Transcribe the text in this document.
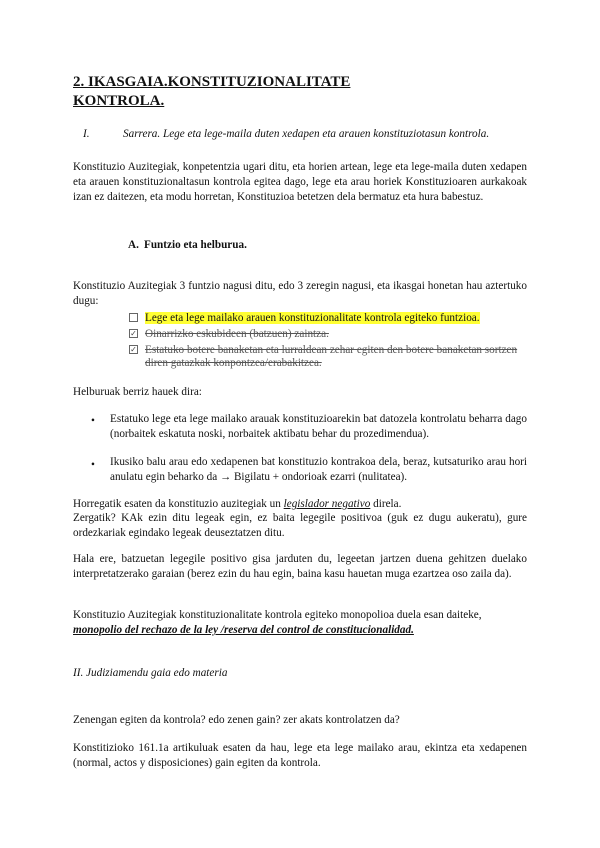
2. IKASGAIA.KONSTITUZIONALITATE
KONTROLA.
I.	Sarrera. Lege eta lege-maila duten xedapen eta arauen konstituziotasun kontrola.
Konstituzio Auzitegiak, konpetentzia ugari ditu, eta horien artean, lege eta lege-maila duten xedapen eta arauen konstituzionaltasun kontrola egitea dago, lege eta arau horiek Konstituzioaren aurkakoak izan ez daitezen, eta modu horretan, Konstituzioa betetzen dela bermatuz eta hura babestuz.
A. Funtzio eta helburua.
Konstituzio Auzitegiak 3 funtzio nagusi ditu, edo 3 zeregin nagusi, eta ikasgai honetan hau aztertuko dugu:
Lege eta lege mailako arauen konstituzionalitate kontrola egiteko funtzioa.
✓ Oinarrizko eskubideen (batzuen) zaintza.
✓ Estatuko botere banaketan eta lurraldean zehar egiten den botere banaketan sortzen diren gatazkak konpontzea/erabakitzea.
Helburuak berriz hauek dira:
• Estatuko lege eta lege mailako arauak konstituzioarekin bat datozela kontrolatu beharra dago (norbaitek eskatuta noski, norbaitek aktibatu behar du prozedimendua).
• Ikusiko balu arau edo xedapenen bat konstituzio kontrakoa dela, beraz, kutsaturiko arau hori anulatu egin beharko da → Bigilatu + ondorioak ezarri (nulitatea).
Horregatik esaten da konstituzio auzitegiak un legislador negativo direla.
Zergatik? KAk ezin ditu legeak egin, ez baita legegile positivoa (guk ez dugu aukeratu), gure ordezkariak egindako legeak deuseztatzen ditu.
Hala ere, batzuetan legegile positivo gisa jarduten du, legeetan jartzen duena gehitzen duelako interpretatzerako garaian (berez ezin du hau egin, baina kasu hauetan muga ezartzea oso zaila da).
Konstituzio Auzitegiak konstituzionalitate kontrola egiteko monopolioa duela esan daiteke,
monopolio del rechazo de la ley /reserva del control de constitucionalidad.
II. Judiziamendu gaia edo materia
Zenengan egiten da kontrola? edo zenen gain? zer akats kontrolatzen da?
Konstitizioko 161.1a artikuluak esaten da hau, lege eta lege mailako arau, ekintza eta xedapenen (normal, actos y disposiciones) gain egiten da kontrola.
